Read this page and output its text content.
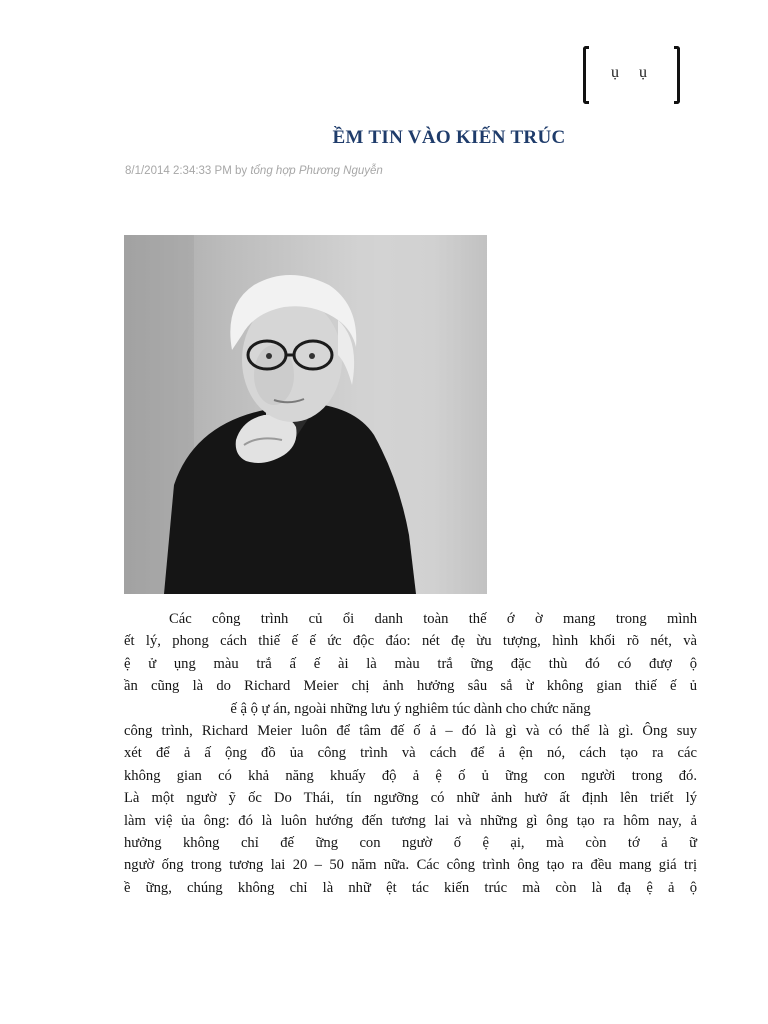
ụ ụ
ỀM TIN VÀO KIẾN TRÚC
8/1/2014 2:34:33 PM by tổng hợp Phương Nguyễn
Các công trình củ ổi danh toàn thế ớ ờ mang trong mình
ết lý, phong cách thiế ế ế ức độc đáo: nét đẹ ừu tượng, hình khối rõ nét, và
ệ ử ụng màu trắ ấ ế ài là màu trắ ững đặc thù đó có đượ ộ
ần cũng là do Richard Meier chị ảnh hưởng sâu sắ ừ không gian thiế ế ủ
ế ậ ộ ự án, ngoài những lưu ý nghiêm túc dành cho chức năng
công trình, Richard Meier luôn để tâm đế ố ả – đó là gì và có thể là gì. Ông suy
xét để ả ấ ộng đồ ủa công trình và cách để ả ện nó, cách tạo ra các
không gian có khả năng khuấy độ ả ệ ố ủ ững con người trong đó.
Là một ngườ ỹ ốc Do Thái, tín ngưỡng có nhữ ảnh hưở ất định lên triết lý
làm việ ủa ông: đó là luôn hướng đến tương lai và những gì ông tạo ra hôm nay, ả
hưởng không chỉ đế ững con ngườ ố ệ ại, mà còn tớ ả ữ
ngườ ống trong tương lai 20 – 50 năm nữa. Các công trình ông tạo ra đều mang giá trị
ề ững, chúng không chỉ là nhữ ệt tác kiến trúc mà còn là đạ ệ ả ộ
